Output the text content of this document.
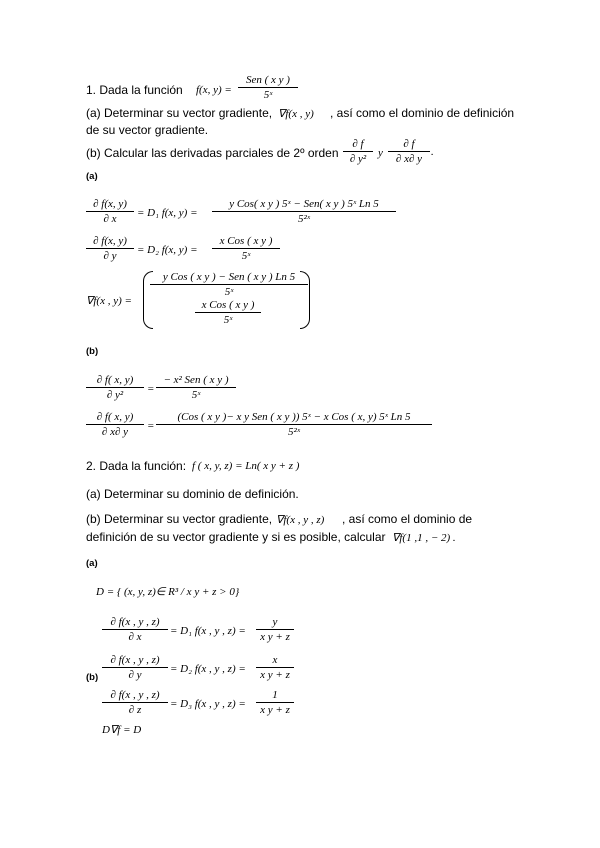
1. Dada la función f(x, y) =
Sen ( x y )
5ˣ
(a) Determinar su vector gradiente, ∇f(x , y) , así como el dominio de definición
de su vector gradiente.
(b) Calcular las derivadas parciales de 2º orden $\frac{\partial f}{\text{∂ y²}}$ y $\frac{\partial f}{\partial x\partial y}$ .
(a)
$\frac{\partial f(x, y)}{\partial x} = D_1$ f(x, y) =
y Cos( x y ) 5ˣ − Sen( x y ) 5ˣ Ln 5
5²ˣ
$\frac{\partial f(x, y)}{\partial y} = D_2$ f(x, y) =
x Cos ( x y )
5ˣ
∇f(x , y) =
y Cos ( x y ) − Sen ( x y ) Ln 5
5ˣ
x Cos ( x y )
5ˣ
(b)
$\frac{\partial f( x, y)}{\text{∂ y²}}$ =
− x² Sen ( x y )
5ˣ
$\frac{\partial f( x, y)}{\partial x\partial y}$ =
(Cos ( x y )− x y Sen ( x y )) 5ˣ − x Cos ( x, y) 5ˣ Ln 5
5²ˣ
2. Dada la función: f ( x, y, z) = Ln( x y + z )
(a) Determinar su dominio de definición.
(b) Determinar su vector gradiente, ∇f(x , y , z) , así como el dominio de
definición de su vector gradiente y si es posible, calcular ∇f(1 ,1 , − 2) .
(a)
D = { (x, y, z)∈ R³ / x y + z > 0}
$\frac{\partial f(x , y , z)}{\partial x} = D_1$ f(x , y , $z) = \frac{y}{\text{x y + z}}$
$(b) \frac{\partial f(x , y , z)}{\partial y} = D_2$ f(x , y , $z) = \frac{x}{\text{x y + z}}$
$\frac{\partial f(x , y , z)}{\partial z} = D_3$ f(x , y , $z) = \frac{1}{\text{x y + z}}$
D∇f = D
